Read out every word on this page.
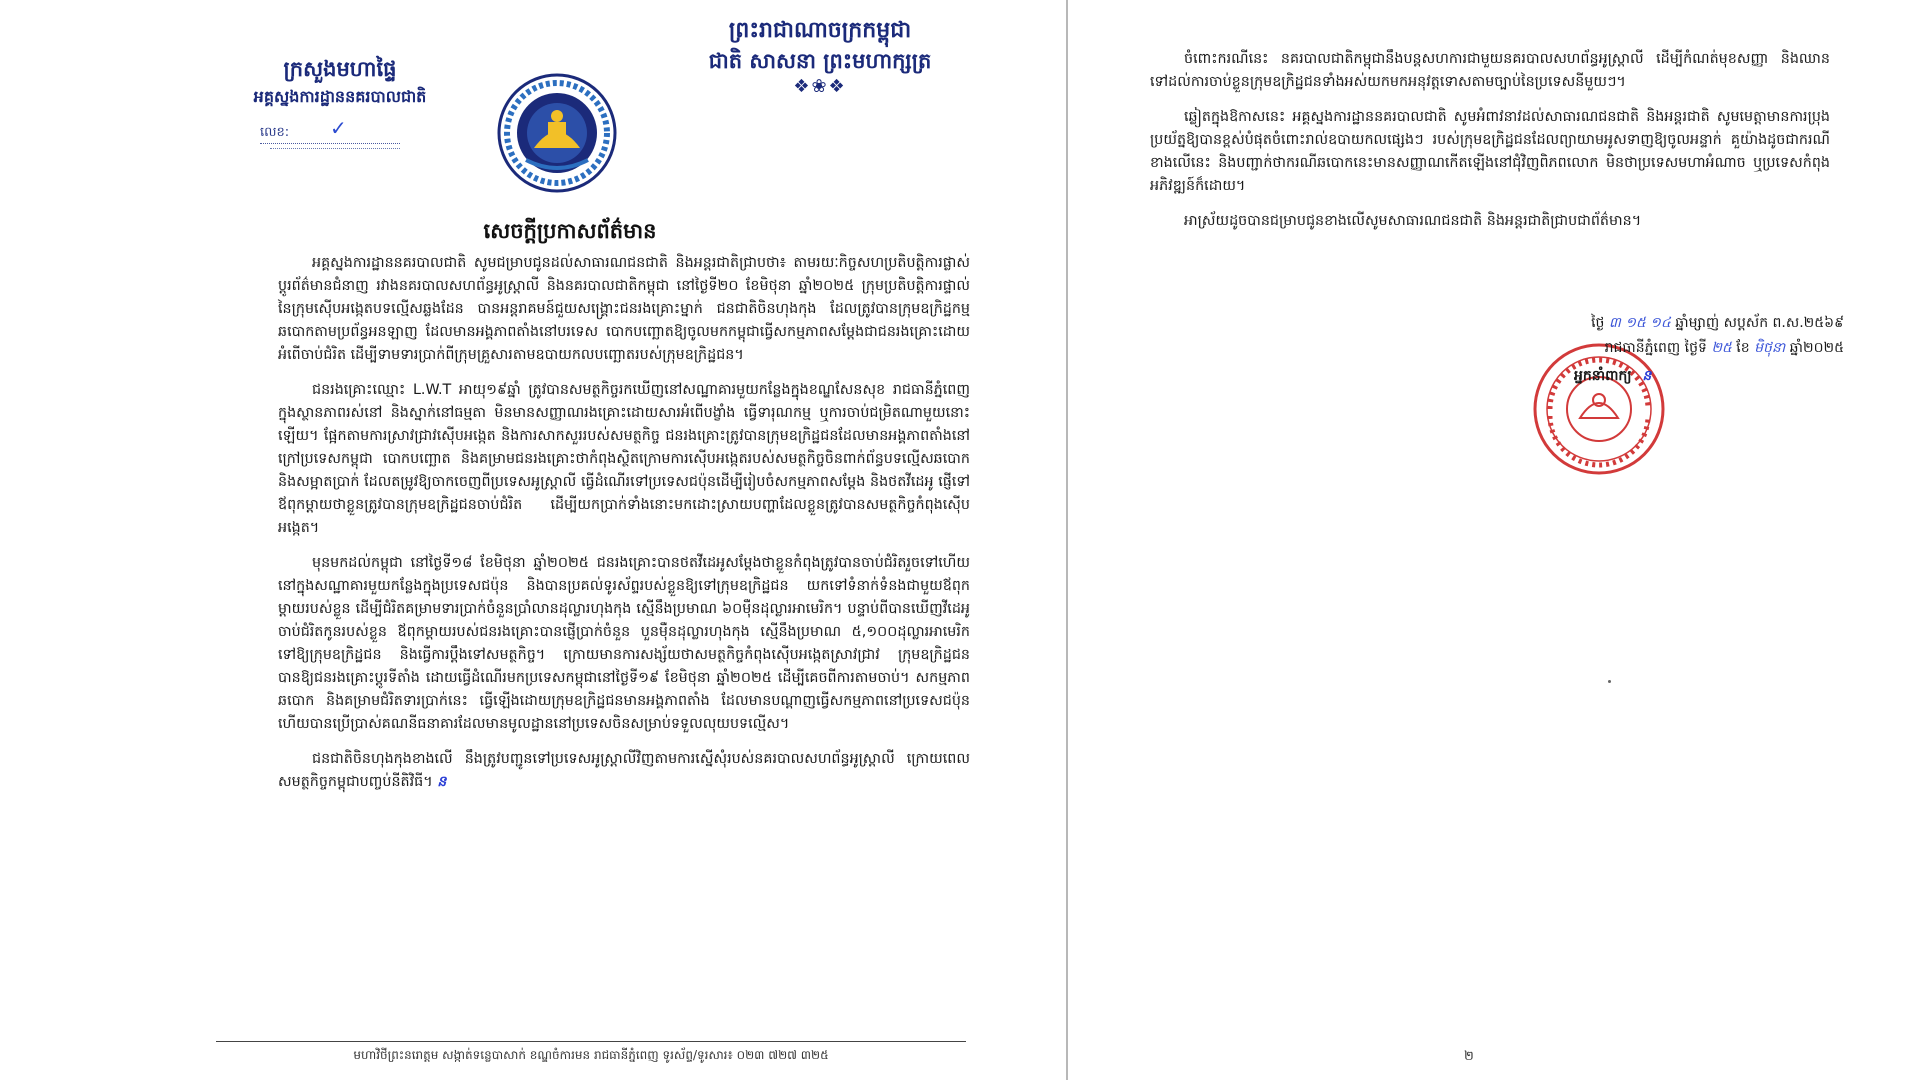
ក្រសួងមហាផ្ទៃ
អគ្គស្នងការដ្ឋាននគរបាលជាតិ
លេខ: ✓
ព្រះរាជាណាចក្រកម្ពុជា
ជាតិ សាសនា ព្រះមហាក្សត្រ
❖❀❖
សេចក្តីប្រកាសព័ត៌មាន

អគ្គស្នងការដ្ឋាននគរបាលជាតិ សូមជម្រាបជូនដល់សាធារណជនជាតិ និងអន្តរជាតិជ្រាបថា៖ តាមរយៈកិច្ចសហប្រតិបត្តិការផ្លាស់ប្តូរព័ត៌មានជំនាញ រវាងនគរបាលសហព័ន្ធអូស្ត្រាលី និងនគរបាលជាតិកម្ពុជា នៅថ្ងៃទី២០ ខែមិថុនា ឆ្នាំ២០២៥ ក្រុមប្រតិបត្តិការផ្ទាល់ នៃក្រុមស៊ើបអង្កេតបទល្មើសឆ្លងដែន បានអន្តរាគមន៍ជួយសង្គ្រោះជនរងគ្រោះម្នាក់ ជនជាតិចិនហុងកុង ដែលត្រូវបានក្រុមឧក្រិដ្ឋកម្មឆបោកតាមប្រព័ន្ធអនឡាញ ដែលមានអង្គភាពតាំងនៅបរទេស បោកបញ្ឆោតឱ្យចូលមកកម្ពុជាធ្វើសកម្មភាពសម្តែងជាជនរងគ្រោះដោយអំពើចាប់ជំរិត ដើម្បីទាមទារប្រាក់ពីក្រុមគ្រួសារតាមឧបាយកលបញ្ឆោតរបស់ក្រុមឧក្រិដ្ឋជន។

ជនរងគ្រោះឈ្មោះ L.W.T អាយុ១៩ឆ្នាំ ត្រូវបានសមត្ថកិច្ចរកឃើញនៅសណ្ឋាគារមួយកន្លែងក្នុងខណ្ឌសែនសុខ រាជធានីភ្នំពេញ ក្នុងស្ថានភាពរស់នៅ និងស្នាក់នៅធម្មតា មិនមានសញ្ញាណរងគ្រោះដោយសារអំពើបង្ខាំង ធ្វើទារុណកម្ម ឬការចាប់ជម្រិតណាមួយនោះឡើយ។ ផ្អែកតាមការស្រាវជ្រាវស៊ើបអង្កេត និងការសាកសួររបស់សមត្ថកិច្ច ជនរងគ្រោះត្រូវបានក្រុមឧក្រិដ្ឋជនដែលមានអង្គភាពតាំងនៅក្រៅប្រទេសកម្ពុជា បោកបញ្ឆោត និងគម្រាមជនរងគ្រោះថាកំពុងស្ថិតក្រោមការស៊ើបអង្កេតរបស់សមត្ថកិច្ចចិនពាក់ព័ន្ធបទល្មើសឆបោក និងសម្អាតប្រាក់ ដែលតម្រូវឱ្យចាកចេញពីប្រទេសអូស្ត្រាលី ធ្វើដំណើរទៅប្រទេសជប៉ុនដើម្បីរៀបចំសកម្មភាពសម្តែង និងថតវីដេអូ ផ្ញើទៅឪពុកម្តាយថាខ្លួនត្រូវបានក្រុមឧក្រិដ្ឋជនចាប់ជំរិត ដើម្បីយកប្រាក់ទាំងនោះមកដោះស្រាយបញ្ហាដែលខ្លួនត្រូវបានសមត្ថកិច្ចកំពុងស៊ើបអង្កេត។

មុនមកដល់កម្ពុជា នៅថ្ងៃទី១៨ ខែមិថុនា ឆ្នាំ២០២៥ ជនរងគ្រោះបានថតវីដេអូសម្តែងថាខ្លួនកំពុងត្រូវបានចាប់ជំរិតរួចទៅហើយ នៅក្នុងសណ្ឋាគារមួយកន្លែងក្នុងប្រទេសជប៉ុន និងបានប្រគល់ទូរស័ព្ទរបស់ខ្លួនឱ្យទៅក្រុមឧក្រិដ្ឋជន យកទៅទំនាក់ទំនងជាមួយឪពុកម្តាយរបស់ខ្លួន ដើម្បីជំរិតគម្រាមទារប្រាក់ចំនួនប្រាំលានដុល្លារហុងកុង ស្មើនឹងប្រមាណ ៦០ម៉ឺនដុល្លារអាមេរិក។ បន្ទាប់ពីបានឃើញវីដេអូចាប់ជំរិតកូនរបស់ខ្លួន ឪពុកម្តាយរបស់ជនរងគ្រោះបានផ្ញើប្រាក់ចំនួន បួនម៉ឺនដុល្លារហុងកុង ស្មើនឹងប្រមាណ ៥,១០០ដុល្លារអាមេរិក ទៅឱ្យក្រុមឧក្រិដ្ឋជន និងធ្វើការប្តឹងទៅសមត្ថកិច្ច។ ក្រោយមានការសង្ស័យថាសមត្ថកិច្ចកំពុងស៊ើបអង្កេតស្រាវជ្រាវ ក្រុមឧក្រិដ្ឋជនបានឱ្យជនរងគ្រោះប្តូរទីតាំង ដោយធ្វើដំណើរមកប្រទេសកម្ពុជានៅថ្ងៃទី១៩ ខែមិថុនា ឆ្នាំ២០២៥ ដើម្បីគេចពីការតាមចាប់។ សកម្មភាពឆបោក និងគម្រាមជំរិតទារប្រាក់នេះ ធ្វើឡើងដោយក្រុមឧក្រិដ្ឋជនមានអង្គភាពតាំង ដែលមានបណ្តាញធ្វើសកម្មភាពនៅប្រទេសជប៉ុន ហើយបានប្រើប្រាស់គណនីធនាគារដែលមានមូលដ្ឋាននៅប្រទេសចិនសម្រាប់ទទួលលុយបទល្មើស។

ជនជាតិចិនហុងកុងខាងលើ នឹងត្រូវបញ្ជូនទៅប្រទេសអូស្ត្រាលីវិញតាមការស្នើសុំរបស់នគរបាលសហព័ន្ធអូស្ត្រាលី ក្រោយពេលសមត្ថកិច្ចកម្ពុជាបញ្ចប់នីតិវិធី។ ន

មហាវិថីព្រះនរោត្តម សង្កាត់ទន្លេបាសាក់ ខណ្ឌចំការមន រាជធានីភ្នំពេញ ទូរស័ព្ទ/ទូរសារ៖ ០២៣ ៧២៧ ៣២៥

ចំពោះករណីនេះ នគរបាលជាតិកម្ពុជានឹងបន្តសហការជាមួយនគរបាលសហព័ន្ធអូស្ត្រាលី ដើម្បីកំណត់មុខសញ្ញា និងឈានទៅដល់ការចាប់ខ្លួនក្រុមឧក្រិដ្ឋជនទាំងអស់យកមកអនុវត្តទោសតាមច្បាប់នៃប្រទេសនីមួយៗ។

ឆ្លៀតក្នុងឱកាសនេះ អគ្គស្នងការដ្ឋាននគរបាលជាតិ សូមអំពាវនាវដល់សាធារណជនជាតិ និងអន្តរជាតិ សូមមេត្តាមានការប្រុងប្រយ័ត្នឱ្យបានខ្ពស់បំផុតចំពោះរាល់ឧបាយកលផ្សេងៗ របស់ក្រុមឧក្រិដ្ឋជនដែលព្យាយាមអូសទាញឱ្យចូលអន្ទាក់ គួយ៉ាងដូចជាករណីខាងលើនេះ និងបញ្ជាក់ថាករណីឆបោកនេះមានសញ្ញាណកើតឡើងនៅជុំវិញពិភពលោក មិនថាប្រទេសមហាអំណាច ឬប្រទេសកំពុងអភិវឌ្ឍន៍ក៏ដោយ។

អាស្រ័យដូចបានជម្រាបជូនខាងលើសូមសាធារណជនជាតិ និងអន្តរជាតិជ្រាបជាព័ត៌មាន។

ថ្ងៃ ៣ ១៥ ១៤ ឆ្នាំម្សាញ់ សប្តស័ក ព.ស.២៥៦៩
រាជធានីភ្នំពេញ ថ្ងៃទី ២៥ ខែ មិថុនា ឆ្នាំ២០២៥
អ្នកនាំពាក្យ ន
២
